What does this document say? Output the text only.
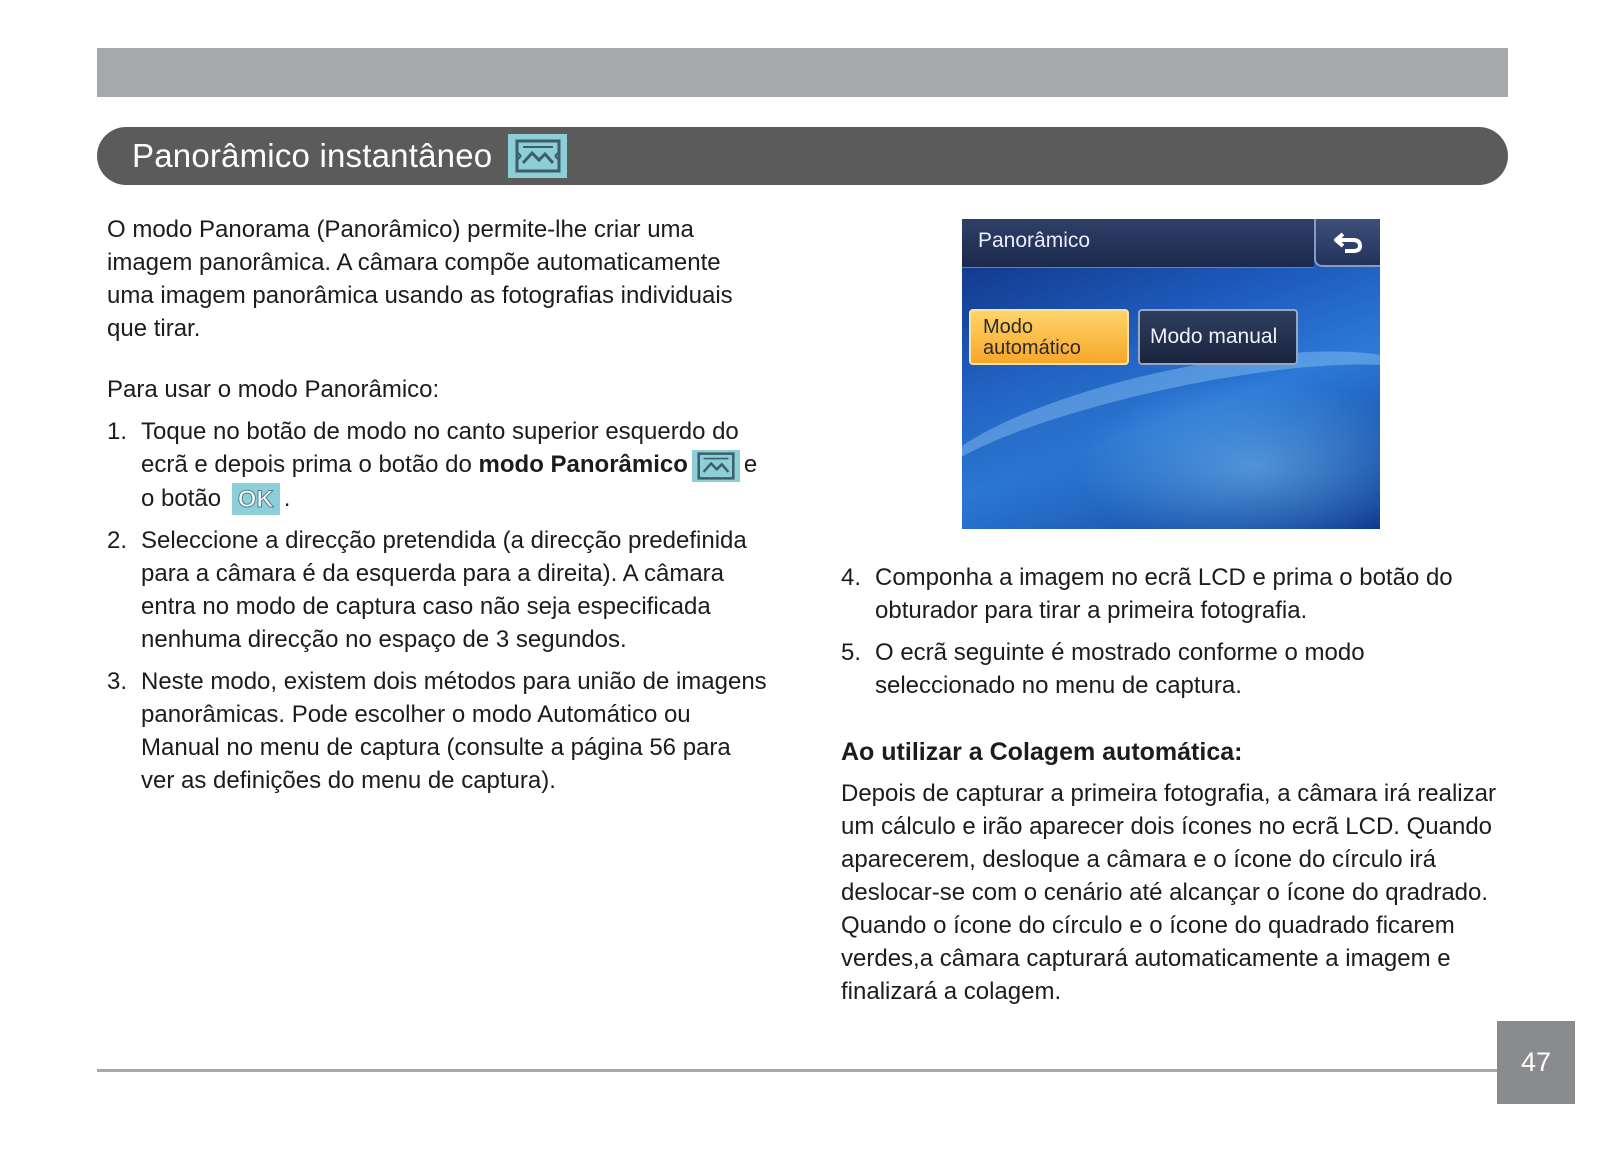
Panorâmico instantâneo

O modo Panorama (Panorâmico) permite-lhe criar uma imagem panorâmica. A câmara compõe automaticamente uma imagem panorâmica usando as fotografias individuais que tirar.

Para usar o modo Panorâmico:

1. Toque no botão de modo no canto superior esquerdo do ecrã e depois prima o botão do modo Panorâmico e
o botão OK .
2. Seleccione a direcção pretendida (a direcção predefinida para a câmara é da esquerda para a direita). A câmara entra no modo de captura caso não seja especificada nenhuma direcção no espaço de 3 segundos.
3. Neste modo, existem dois métodos para união de imagens panorâmicas. Pode escolher o modo Automático ou Manual no menu de captura (consulte a página 56 para ver as definições do menu de captura).
Panorâmico
Modo
automático	Modo manual
4. Componha a imagem no ecrã LCD e prima o botão do obturador para tirar a primeira fotografia.
5. O ecrã seguinte é mostrado conforme o modo seleccionado no menu de captura.
Ao utilizar a Colagem automática:

Depois de capturar a primeira fotografia, a câmara irá realizar um cálculo e irão aparecer dois ícones no ecrã LCD. Quando aparecerem, desloque a câmara e o ícone do círculo irá deslocar-se com o cenário até alcançar o ícone do qradrado. Quando o ícone do círculo e o ícone do quadrado ficarem verdes,a câmara capturará automaticamente a imagem e finalizará a colagem.

47
